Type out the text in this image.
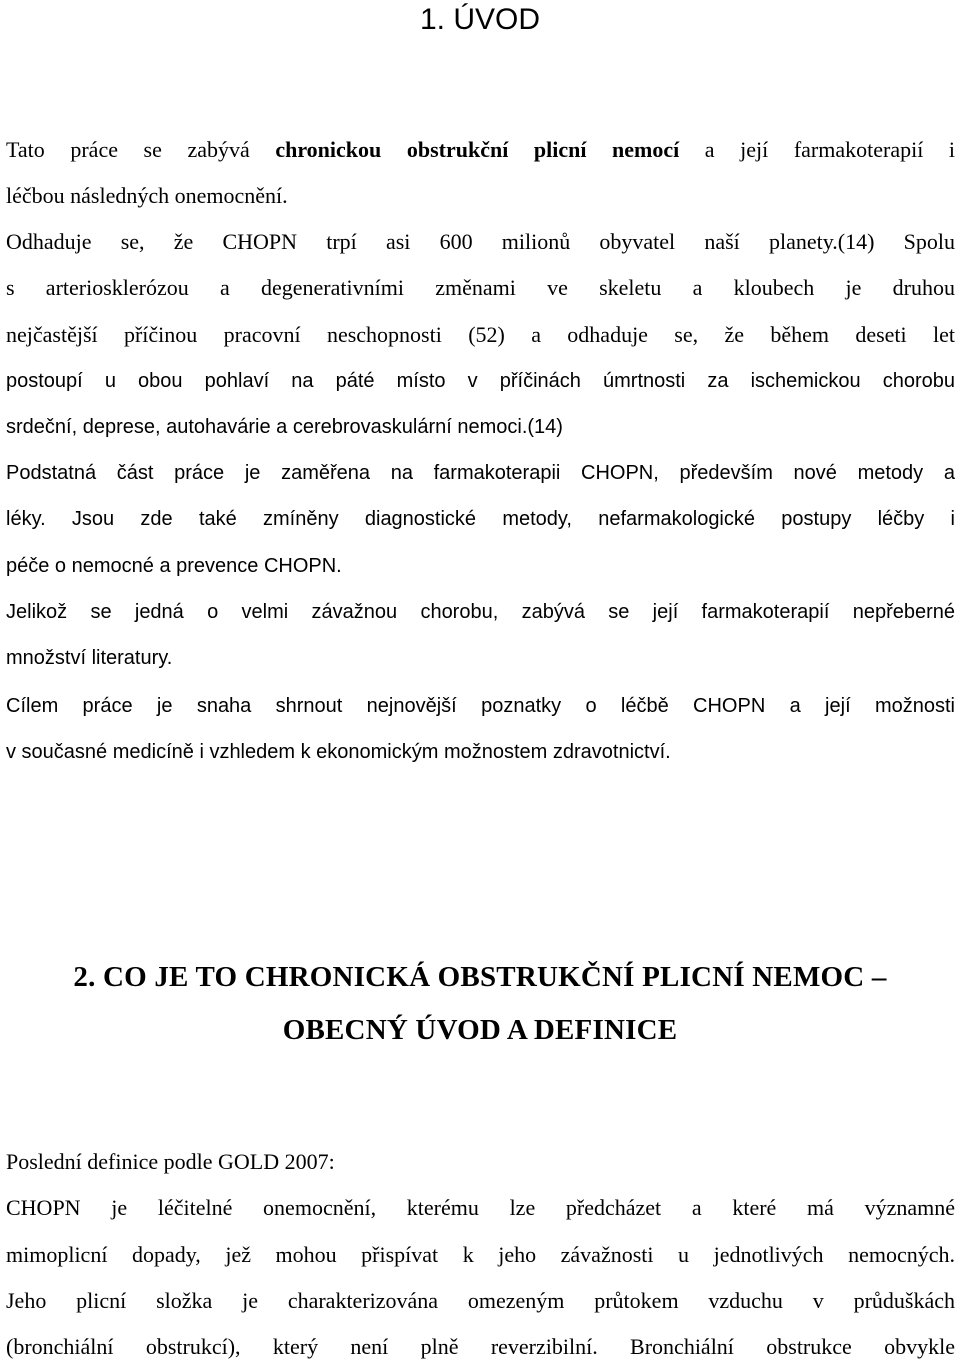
1. ÚVOD
Tato práce se zabývá chronickou obstrukční plicní nemocí a její farmakoterapií i
léčbou následných onemocnění.
Odhaduje se, že CHOPN trpí asi 600 milionů obyvatel naší planety.(14) Spolu
s arteriosklerózou a degenerativními změnami ve skeletu a kloubech je druhou
nejčastější příčinou pracovní neschopnosti (52) a odhaduje se, že během deseti let
postoupí u obou pohlaví na páté místo v příčinách úmrtnosti za ischemickou chorobu
srdeční, deprese, autohavárie a cerebrovaskulární nemoci.(14)
Podstatná část práce je zaměřena na farmakoterapii CHOPN, především nové metody a
léky. Jsou zde také zmíněny diagnostické metody, nefarmakologické postupy léčby i
péče o nemocné a prevence CHOPN.
Jelikož se jedná o velmi závažnou chorobu, zabývá se její farmakoterapií nepřeberné
množství literatury.
Cílem práce je snaha shrnout nejnovější poznatky o léčbě CHOPN a její možnosti
v současné medicíně i vzhledem k ekonomickým možnostem zdravotnictví.
2. CO JE TO CHRONICKÁ OBSTRUKČNÍ PLICNÍ NEMOC –
OBECNÝ ÚVOD A DEFINICE
Poslední definice podle GOLD 2007:
CHOPN je léčitelné onemocnění, kterému lze předcházet a které má významné
mimoplicní dopady, jež mohou přispívat k jeho závažnosti u jednotlivých nemocných.
Jeho plicní složka je charakterizována omezeným průtokem vzduchu v průduškách
(bronchiální obstrukcí), který není plně reverzibilní. Bronchiální obstrukce obvykle
